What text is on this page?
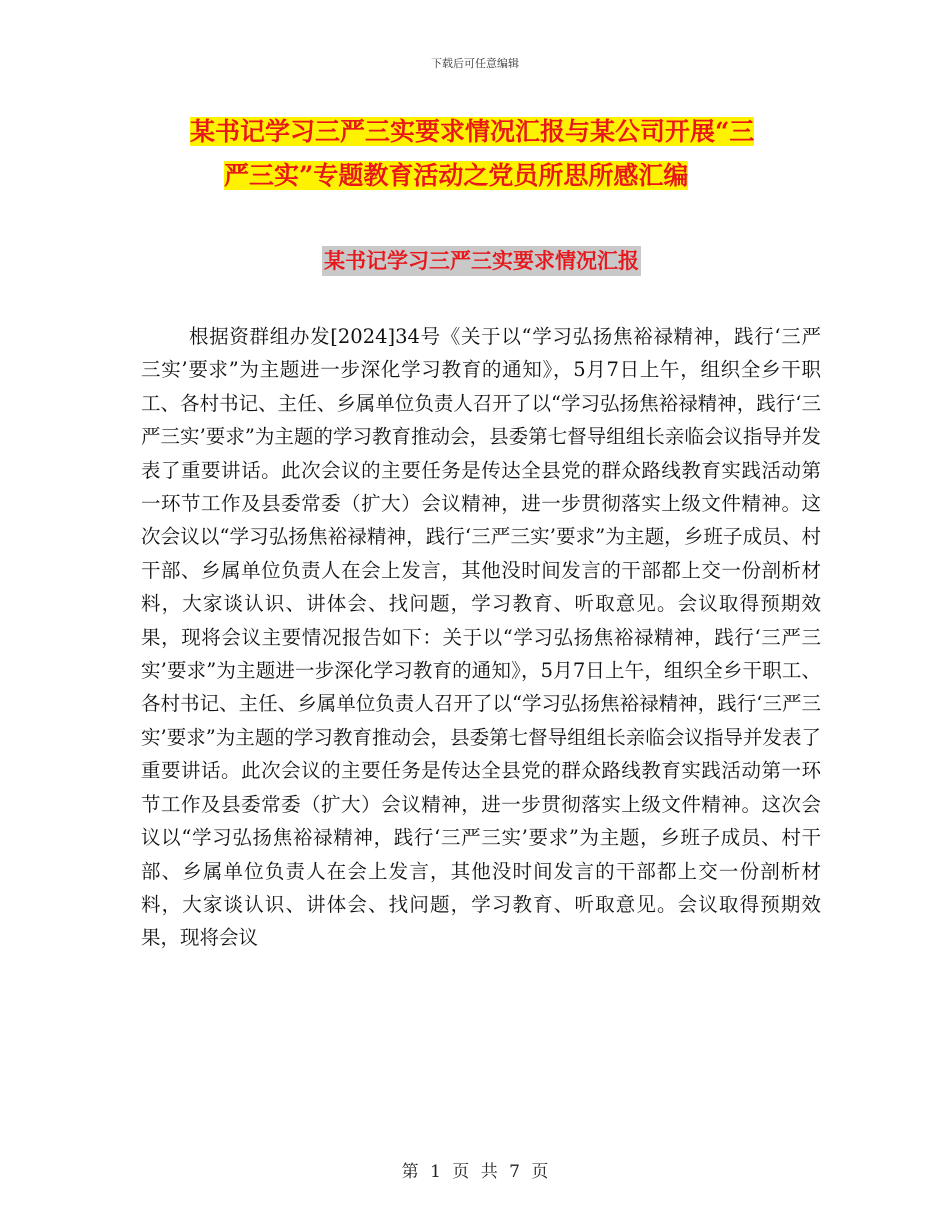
下载后可任意编辑
某书记学习三严三实要求情况汇报与某公司开展“三
严三实”专题教育活动之党员所思所感汇编
某书记学习三严三实要求情况汇报

根据资群组办发[2024]34号《关于以“学习弘扬焦裕禄精神，践行‘三严三实’要求”为主题进一步深化学习教育的通知》，5月7日上午，组织全乡干职工、各村书记、主任、乡属单位负责人召开了以“学习弘扬焦裕禄精神，践行‘三严三实’要求”为主题的学习教育推动会，县委第七督导组组长亲临会议指导并发表了重要讲话。此次会议的主要任务是传达全县党的群众路线教育实践活动第一环节工作及县委常委（扩大）会议精神，进一步贯彻落实上级文件精神。这次会议以“学习弘扬焦裕禄精神，践行‘三严三实’要求”为主题，乡班子成员、村干部、乡属单位负责人在会上发言，其他没时间发言的干部都上交一份剖析材料，大家谈认识、讲体会、找问题，学习教育、听取意见。会议取得预期效果，现将会议主要情况报告如下：关于以“学习弘扬焦裕禄精神，践行‘三严三实’要求”为主题进一步深化学习教育的通知》，5月7日上午，组织全乡干职工、各村书记、主任、乡属单位负责人召开了以“学习弘扬焦裕禄精神，践行‘三严三实’要求”为主题的学习教育推动会，县委第七督导组组长亲临会议指导并发表了重要讲话。此次会议的主要任务是传达全县党的群众路线教育实践活动第一环节工作及县委常委（扩大）会议精神，进一步贯彻落实上级文件精神。这次会议以“学习弘扬焦裕禄精神，践行‘三严三实’要求”为主题，乡班子成员、村干部、乡属单位负责人在会上发言，其他没时间发言的干部都上交一份剖析材料，大家谈认识、讲体会、找问题，学习教育、听取意见。会议取得预期效果，现将会议

第 1 页 共 7 页
